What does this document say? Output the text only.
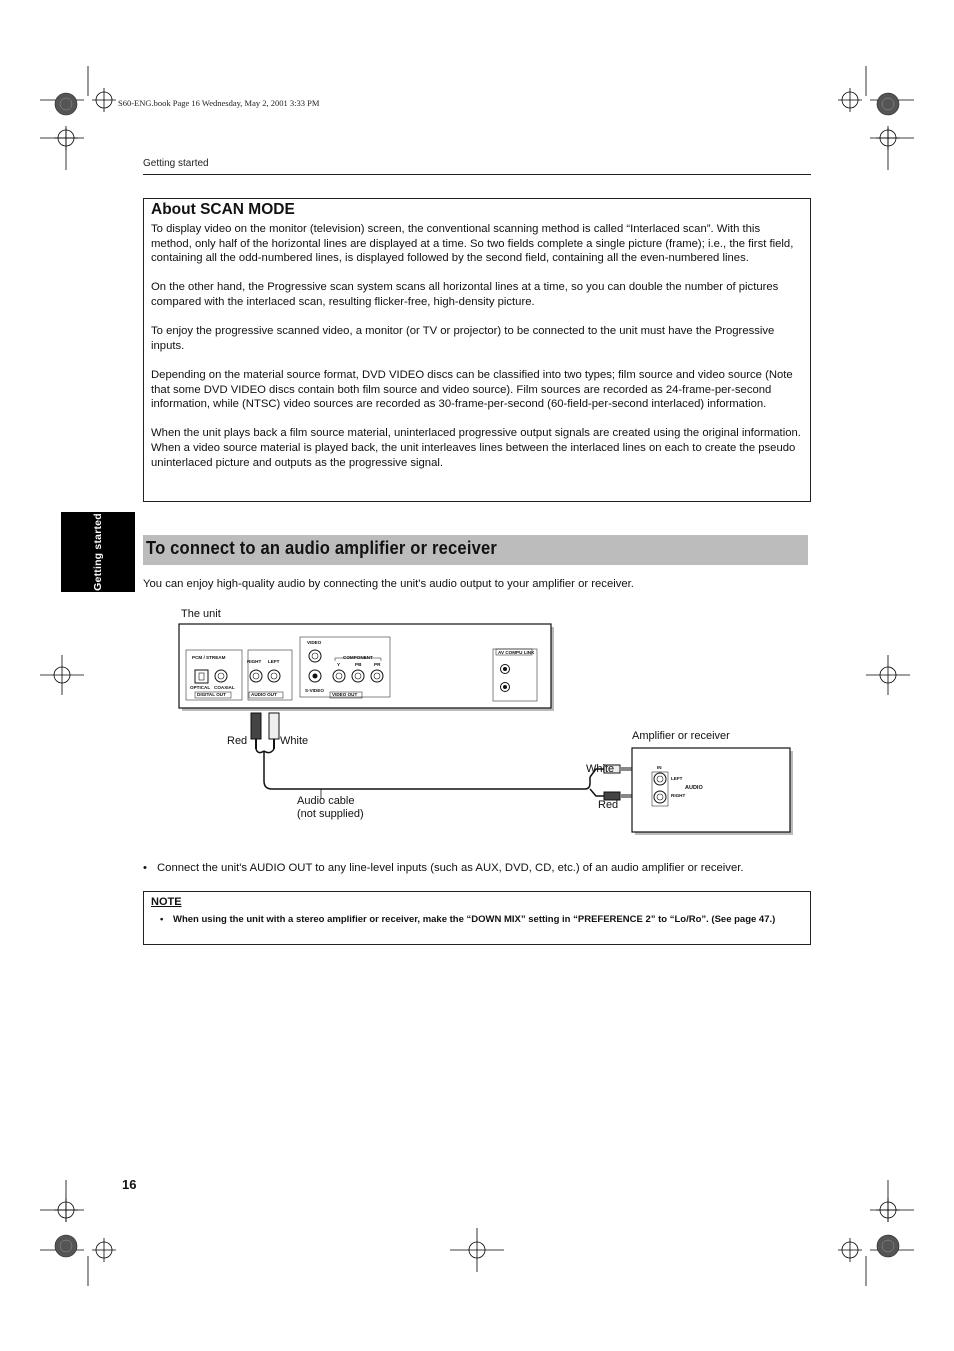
S60-ENG.book Page 16 Wednesday, May 2, 2001 3:33 PM
Getting started
Getting started
About SCAN MODE

To display video on the monitor (television) screen, the conventional scanning method is called “Interlaced scan”. With this method, only half of the horizontal lines are displayed at a time. So two fields complete a single picture (frame); i.e., the first field, containing all the odd-numbered lines, is displayed followed by the second field, containing all the even-numbered lines.

On the other hand, the Progressive scan system scans all horizontal lines at a time, so you can double the number of pictures compared with the interlaced scan, resulting flicker-free, high-density picture.

To enjoy the progressive scanned video, a monitor (or TV or projector) to be connected to the unit must have the Progressive inputs.

Depending on the material source format, DVD VIDEO discs can be classified into two types; film source and video source (Note that some DVD VIDEO discs contain both film source and video source). Film sources are recorded as 24-frame-per-second information, while (NTSC) video sources are recorded as 30-frame-per-second (60-field-per-second interlaced) information.

When the unit plays back a film source material, uninterlaced progressive output signals are created using the original information. When a video source material is played back, the unit interleaves lines between the interlaced lines on each to create the pseudo uninterlaced picture and outputs as the progressive signal.

To connect to an audio amplifier or receiver
You can enjoy high-quality audio by connecting the unit's audio output to your amplifier or receiver.
The unit
Amplifier or receiver
Red	White
White
Red
Audio cable
(not supplied)
PCM / STREAM
OPTICAL COAXIAL
DIGITAL OUT
RIGHT LEFT
AUDIO OUT
VIDEO
COMPONENT
Y	PB	PR
S-VIDEO
VIDEO OUT
AV COMPU LINK
IN
LEFT
AUDIO
RIGHT
• Connect the unit's AUDIO OUT to any line-level inputs (such as AUX, DVD, CD, etc.) of an audio amplifier or receiver.
NOTE
• When using the unit with a stereo amplifier or receiver, make the “DOWN MIX” setting in “PREFERENCE 2” to “Lo/Ro”. (See page 47.)
16
